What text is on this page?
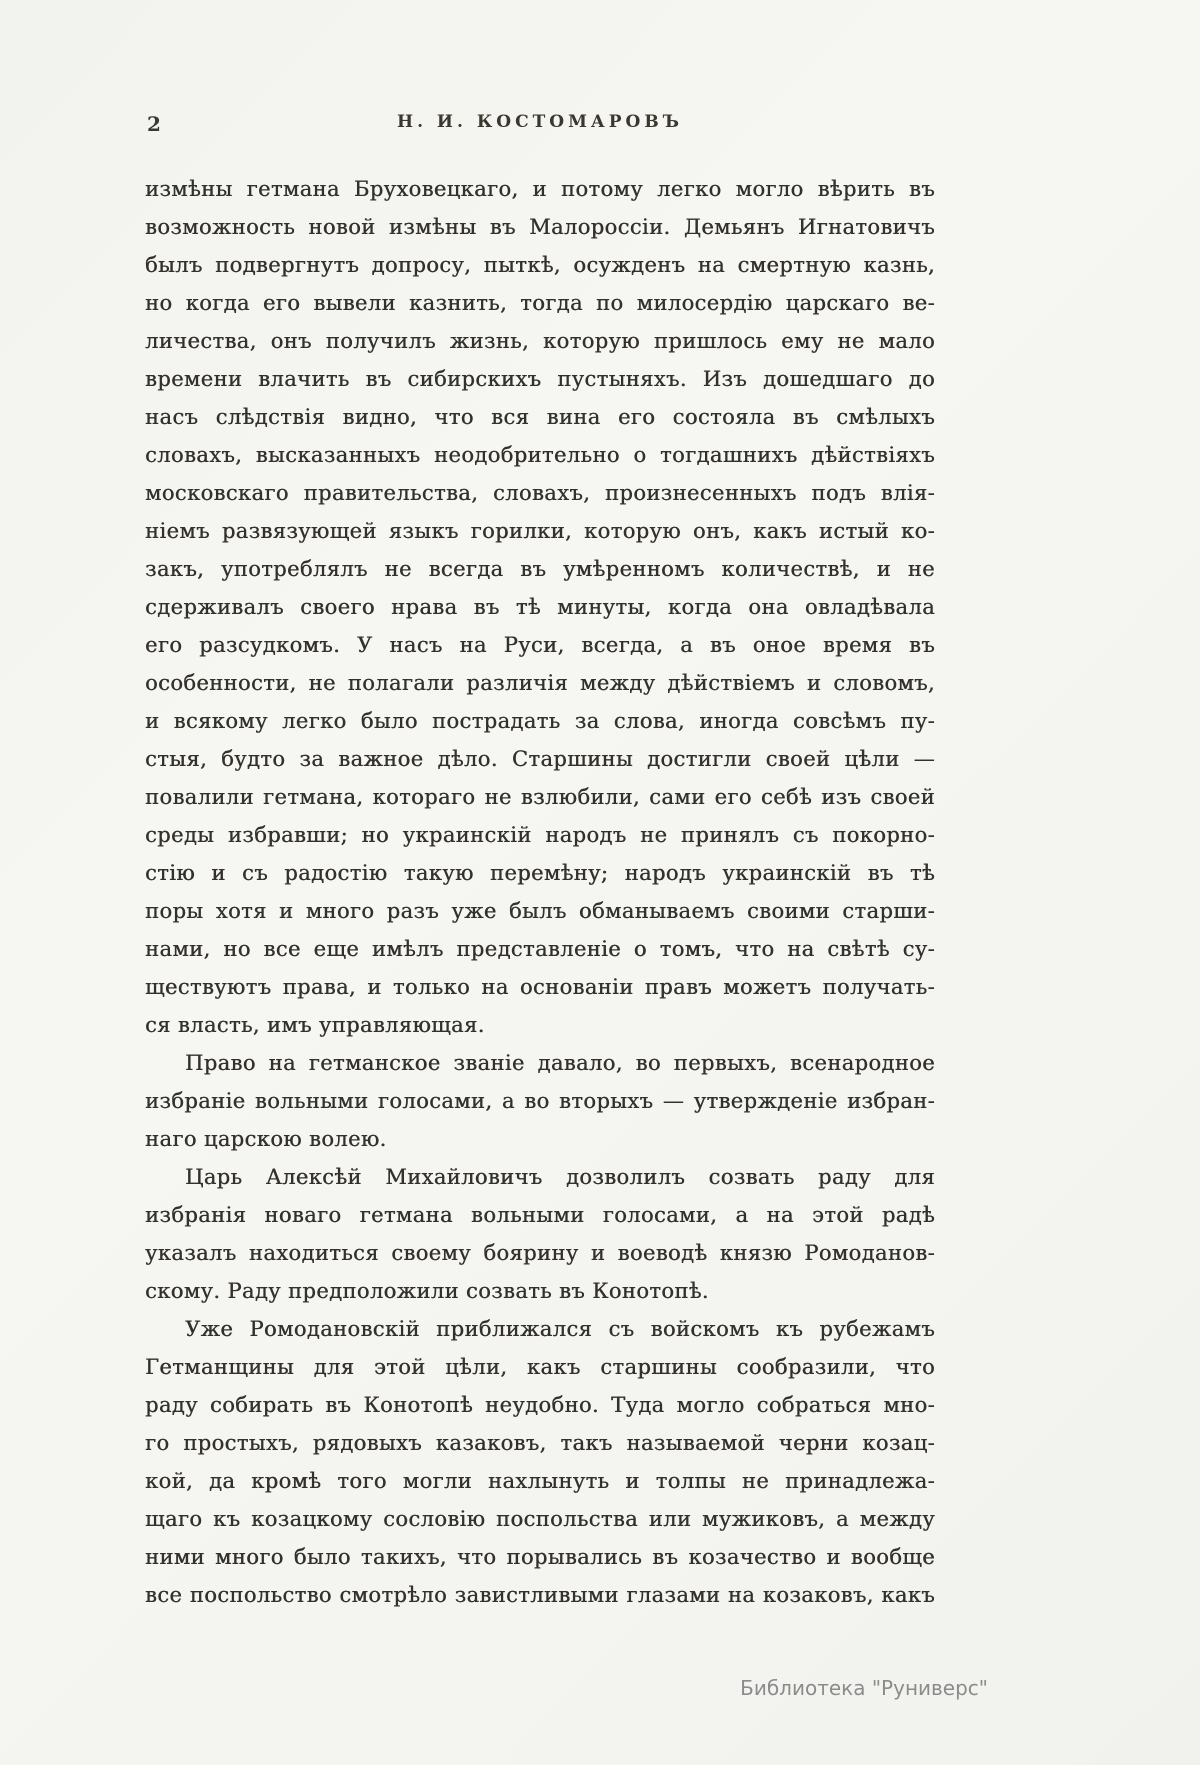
2	Н. И. КОСТОМАРОВЪ
измѣны гетмана Бруховецкаго, и потому легко могло вѣрить въ
возможность новой измѣны въ Малороссіи. Демьянъ Игнатовичъ
былъ подвергнутъ допросу, пыткѣ, осужденъ на смертную казнь,
но когда его вывели казнить, тогда по милосердію царскаго ве-
личества, онъ получилъ жизнь, которую пришлось ему не мало
времени влачить въ сибирскихъ пустыняхъ. Изъ дошедшаго до
насъ слѣдствія видно, что вся вина его состояла въ смѣлыхъ
словахъ, высказанныхъ неодобрительно о тогдашнихъ дѣйствіяхъ
московскаго правительства, словахъ, произнесенныхъ подъ влія-
ніемъ развязующей языкъ горилки, которую онъ, какъ истый ко-
закъ, употреблялъ не всегда въ умѣренномъ количествѣ, и не
сдерживалъ своего нрава въ тѣ минуты, когда она овладѣвала
его разсудкомъ. У насъ на Руси, всегда, а въ оное время въ
особенности, не полагали различія между дѣйствіемъ и словомъ,
и всякому легко было пострадать за слова, иногда совсѣмъ пу-
стыя, будто за важное дѣло. Старшины достигли своей цѣли —
повалили гетмана, котораго не взлюбили, сами его себѣ изъ своей
среды избравши; но украинскій народъ не принялъ съ покорно-
стію и съ радостію такую перемѣну; народъ украинскій въ тѣ
поры хотя и много разъ уже былъ обманываемъ своими старши-
нами, но все еще имѣлъ представленіе о томъ, что на свѣтѣ су-
ществуютъ права, и только на основаніи правъ можетъ получать-
ся власть, имъ управляющая.
Право на гетманское званіе давало, во первыхъ, всенародное
избраніе вольными голосами, а во вторыхъ — утвержденіе избран-
наго царскою волею.
Царь Алексѣй Михайловичъ дозволилъ созвать раду для
избранія новаго гетмана вольными голосами, а на этой радѣ
указалъ находиться своему боярину и воеводѣ князю Ромоданов-
скому. Раду предположили созвать въ Конотопѣ.
Уже Ромодановскій приближался съ войскомъ къ рубежамъ
Гетманщины для этой цѣли, какъ старшины сообразили, что
раду собирать въ Конотопѣ неудобно. Туда могло собраться мно-
го простыхъ, рядовыхъ казаковъ, такъ называемой черни козац-
кой, да кромѣ того могли нахлынуть и толпы не принадлежа-
щаго къ козацкому сословію поспольства или мужиковъ, а между
ними много было такихъ, что порывались въ козачество и вообще
все поспольство смотрѣло завистливыми глазами на козаковъ, какъ
Библиотека "Руниверс"
